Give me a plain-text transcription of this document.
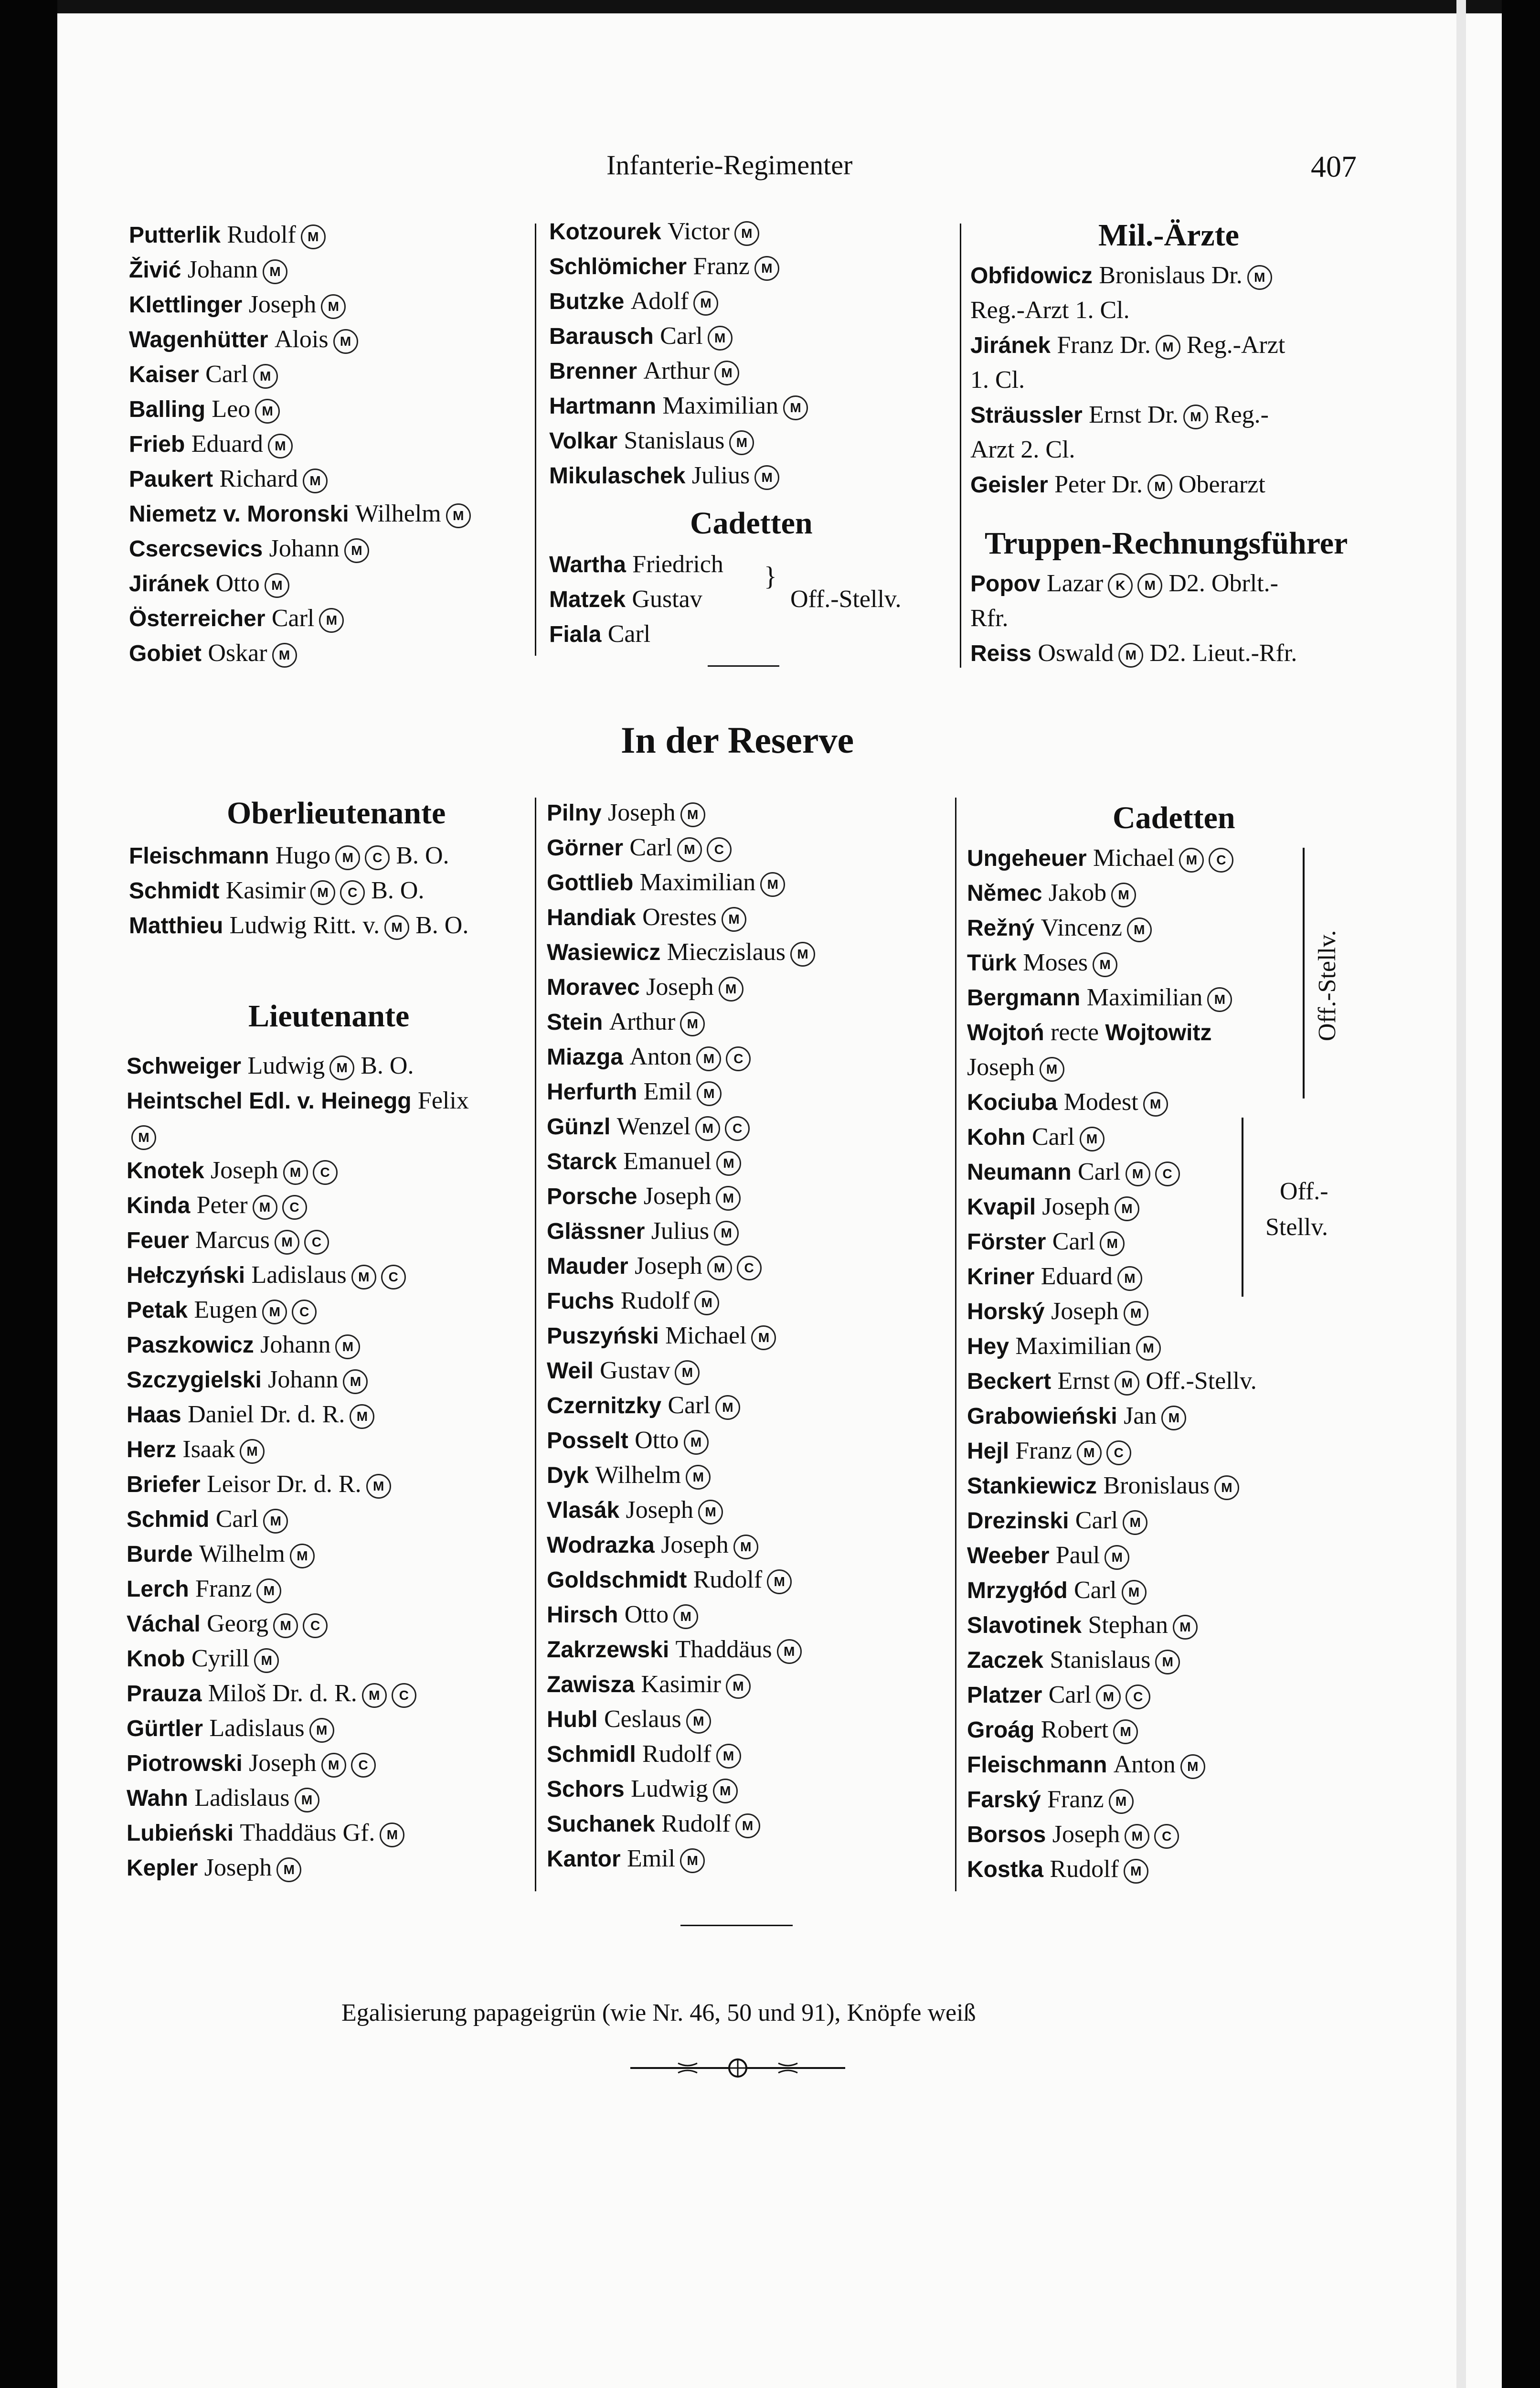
Infanterie-Regimenter	407
Putterlik Rudolf M
Živić Johann M
Klettlinger Joseph M
Wagenhütter Alois M
Kaiser Carl M
Balling Leo M
Frieb Eduard M
Paukert Richard M
Niemetz v. Moronski Wilhelm M
Csercsevics Johann M
Jiránek Otto M
Österreicher Carl M
Gobiet Oskar M
Kotzourek Victor M
Schlömicher Franz M
Butzke Adolf M
Barausch Carl M
Brenner Arthur M
Hartmann Maximilian M
Volkar Stanislaus M
Mikulaschek Julius M
Cadetten
Wartha Friedrich
Matzek Gustav
Fiala Carl
}
Off.-Stellv.
Mil.-Ärzte
Obfidowicz Bronislaus Dr. M
Reg.-Arzt 1. Cl.
Jiránek Franz Dr. M Reg.-Arzt
1. Cl.
Sträussler Ernst Dr. M Reg.-
Arzt 2. Cl.
Geisler Peter Dr. M Oberarzt
Truppen-Rechnungsführer
Popov Lazar K M D2. Obrlt.-
Rfr.
Reiss Oswald M D2. Lieut.-Rfr.
In der Reserve
Oberlieutenante
Fleischmann Hugo M C B. O.
Schmidt Kasimir M C B. O.
Matthieu Ludwig Ritt. v. M B. O.
Lieutenante
Schweiger Ludwig M B. O.
Heintschel Edl. v. Heinegg Felix
M
Knotek Joseph M C
Kinda Peter M C
Feuer Marcus M C
Hełczyński Ladislaus M C
Petak Eugen M C
Paszkowicz Johann M
Szczygielski Johann M
Haas Daniel Dr. d. R. M
Herz Isaak M
Briefer Leisor Dr. d. R. M
Schmid Carl M
Burde Wilhelm M
Lerch Franz M
Váchal Georg M C
Knob Cyrill M
Prauza Miloš Dr. d. R. M C
Gürtler Ladislaus M
Piotrowski Joseph M C
Wahn Ladislaus M
Lubieński Thaddäus Gf. M
Kepler Joseph M
Pilny Joseph M
Görner Carl M C
Gottlieb Maximilian M
Handiak Orestes M
Wasiewicz Mieczislaus M
Moravec Joseph M
Stein Arthur M
Miazga Anton M C
Herfurth Emil M
Günzl Wenzel M C
Starck Emanuel M
Porsche Joseph M
Glässner Julius M
Mauder Joseph M C
Fuchs Rudolf M
Puszyński Michael M
Weil Gustav M
Czernitzky Carl M
Posselt Otto M
Dyk Wilhelm M
Vlasák Joseph M
Wodrazka Joseph M
Goldschmidt Rudolf M
Hirsch Otto M
Zakrzewski Thaddäus M
Zawisza Kasimir M
Hubl Ceslaus M
Schmidl Rudolf M
Schors Ludwig M
Suchanek Rudolf M
Kantor Emil M
Cadetten
Ungeheuer Michael M C
Němec Jakob M
Režný Vincenz M
Türk Moses M
Bergmann Maximilian M
Wojtoń recte Wojtowitz
Joseph M
Kociuba Modest M
Kohn Carl M
Neumann Carl M C
Kvapil Joseph M
Förster Carl M
Kriner Eduard M
Horský Joseph M
Hey Maximilian M
Beckert Ernst M Off.-Stellv.
Grabowieński Jan M
Hejl Franz M C
Stankiewicz Bronislaus M
Drezinski Carl M
Weeber Paul M
Mrzygłód Carl M
Slavotinek Stephan M
Zaczek Stanislaus M
Platzer Carl M C
Groág Robert M
Fleischmann Anton M
Farský Franz M
Borsos Joseph M C
Kostka Rudolf M
Off.-Stellv.
Off.-
Stellv.
Egalisierung papageigrün (wie Nr. 46, 50 und 91), Knöpfe weiß
